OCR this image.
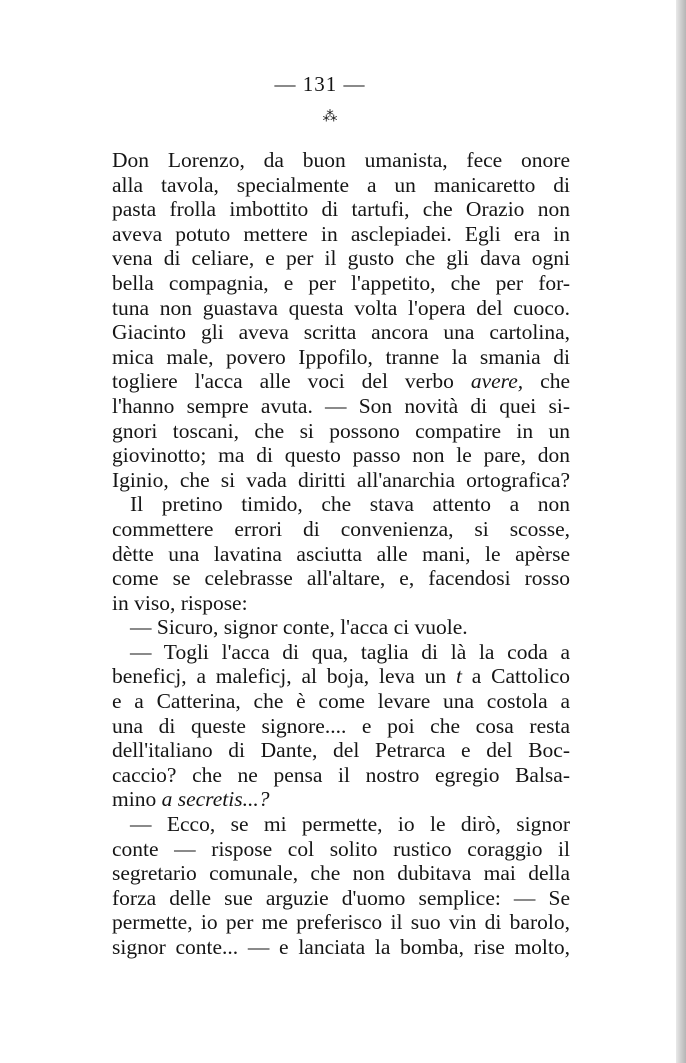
— 131 —
⁂
Don Lorenzo, da buon umanista, fece onore
alla tavola, specialmente a un manicaretto di
pasta frolla imbottito di tartufi, che Orazio non
aveva potuto mettere in asclepiadei. Egli era in
vena di celiare, e per il gusto che gli dava ogni
bella compagnia, e per l'appetito, che per for-
tuna non guastava questa volta l'opera del cuoco.
Giacinto gli aveva scritta ancora una cartolina,
mica male, povero Ippofilo, tranne la smania di
togliere l'acca alle voci del verbo avere, che
l'hanno sempre avuta. — Son novità di quei si-
gnori toscani, che si possono compatire in un
giovinotto; ma di questo passo non le pare, don
Iginio, che si vada diritti all'anarchia ortografica?
Il pretino timido, che stava attento a non
commettere errori di convenienza, si scosse,
dètte una lavatina asciutta alle mani, le apèrse
come se celebrasse all'altare, e, facendosi rosso
in viso, rispose:
— Sicuro, signor conte, l'acca ci vuole.
— Togli l'acca di qua, taglia di là la coda a
beneficj, a maleficj, al boja, leva un t a Cattolico
e a Catterina, che è come levare una costola a
una di queste signore.... e poi che cosa resta
dell'italiano di Dante, del Petrarca e del Boc-
caccio? che ne pensa il nostro egregio Balsa-
mino a secretis...?
— Ecco, se mi permette, io le dirò, signor
conte — rispose col solito rustico coraggio il
segretario comunale, che non dubitava mai della
forza delle sue arguzie d'uomo semplice: — Se
permette, io per me preferisco il suo vin di barolo,
signor conte... — e lanciata la bomba, rise molto,
